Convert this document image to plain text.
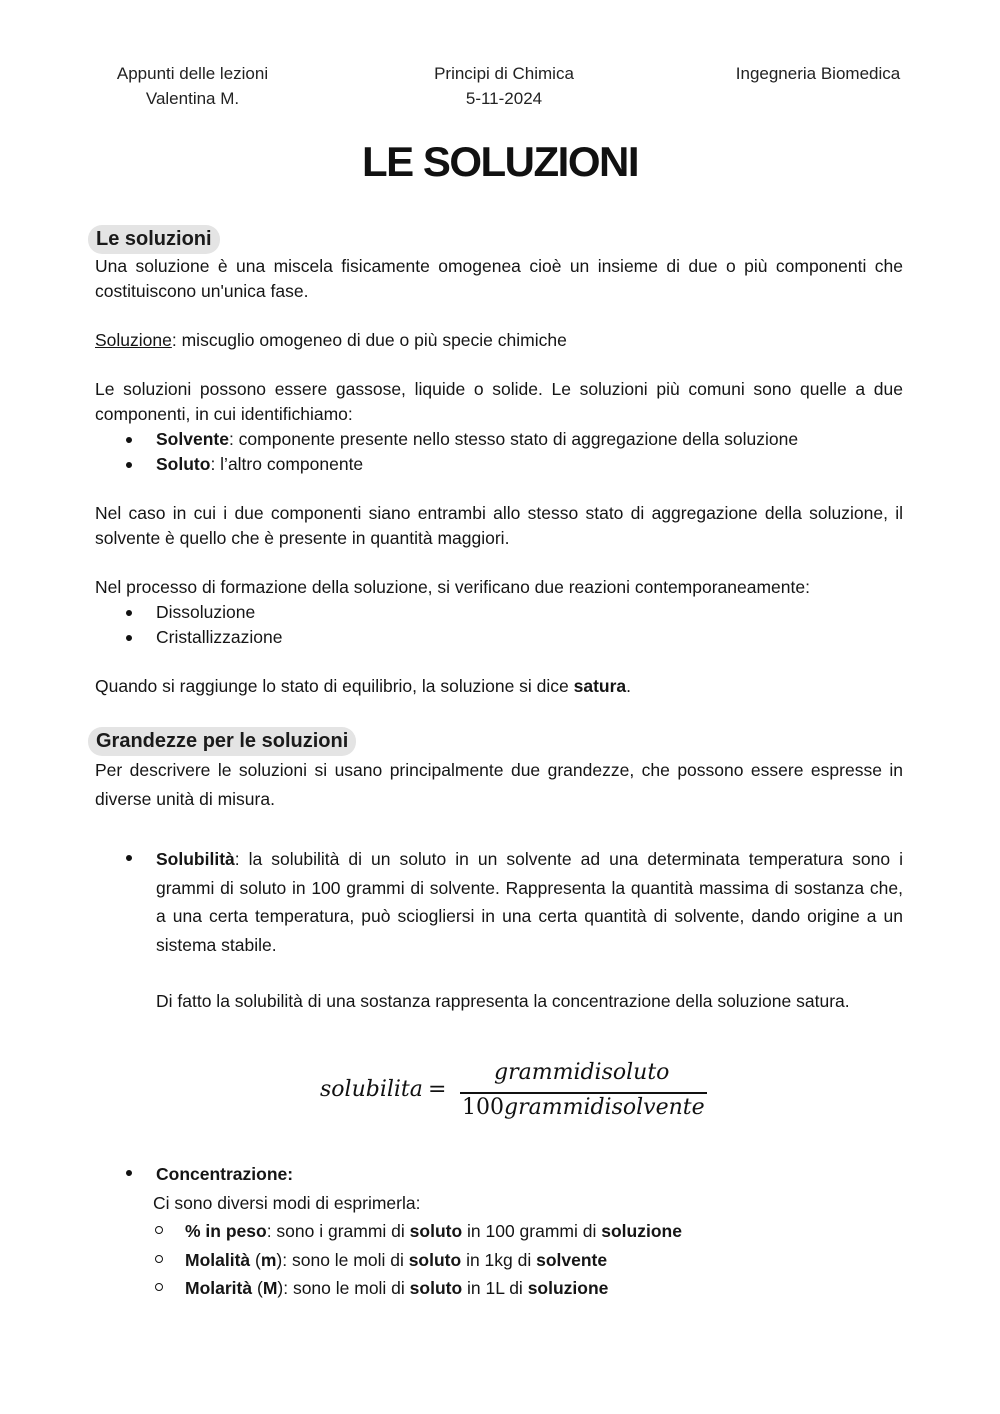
Appunti delle lezioni
Valentina M.
Principi di Chimica
5-11-2024
Ingegneria Biomedica
LE SOLUZIONI
Le soluzioni

Una soluzione è una miscela fisicamente omogenea cioè un insieme di due o più componenti che costituiscono un'unica fase.

Soluzione: miscuglio omogeneo di due o più specie chimiche

Le soluzioni possono essere gassose, liquide o solide. Le soluzioni più comuni sono quelle a due componenti, in cui identifichiamo:

Solvente: componente presente nello stesso stato di aggregazione della soluzione
Soluto: l’altro componente

Nel caso in cui i due componenti siano entrambi allo stesso stato di aggregazione della soluzione, il solvente è quello che è presente in quantità maggiori.

Nel processo di formazione della soluzione, si verificano due reazioni contemporaneamente:

Dissoluzione
Cristallizzazione

Quando si raggiunge lo stato di equilibrio, la soluzione si dice satura.

Grandezze per le soluzioni

Per descrivere le soluzioni si usano principalmente due grandezze, che possono essere espresse in diverse unità di misura.

Solubilità: la solubilità di un soluto in un solvente ad una determinata temperatura sono i grammi di soluto in 100 grammi di solvente. Rappresenta la quantità massima di sostanza che, a una certa temperatura, può sciogliersi in una certa quantità di solvente, dando origine a un sistema stabile.

Di fatto la solubilità di una sostanza rappresenta la concentrazione della soluzione satura.

solubilita =
grammidisoluto
100grammidisolvente
Concentrazione:
Ci sono diversi modi di esprimerla:
% in peso: sono i grammi di soluto in 100 grammi di soluzione
Molalità (m): sono le moli di soluto in 1kg di solvente
Molarità (M): sono le moli di soluto in 1L di soluzione
